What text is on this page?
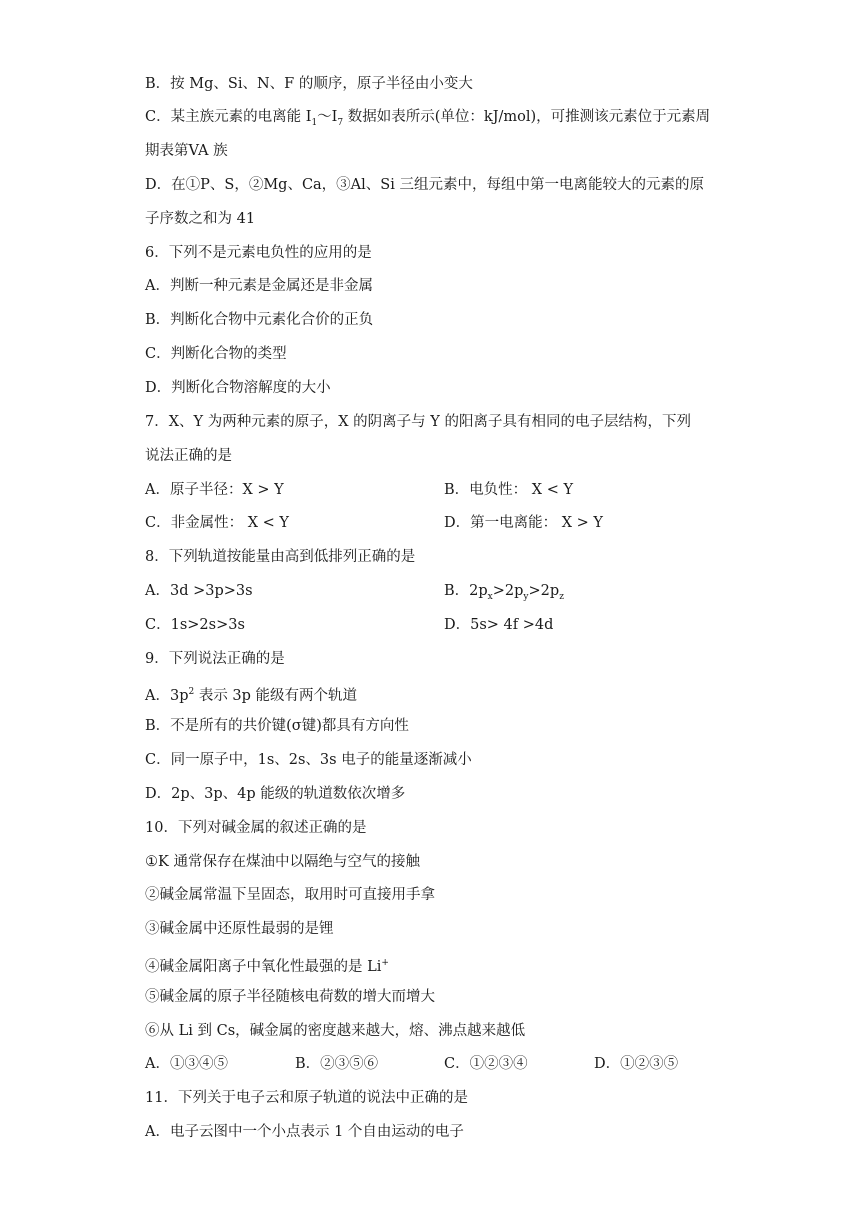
B．按 Mg、Si、N、F 的顺序，原子半径由小变大
C．某主族元素的电离能 $I_1\sim I_7$ 数据如表所示(单位：kJ/mol)，可推测该元素位于元素周
期表第VA 族
D．在①P、S，②Mg、Ca，③Al、Si 三组元素中，每组中第一电离能较大的元素的原
子序数之和为 41
6．下列不是元素电负性的应用的是
A．判断一种元素是金属还是非金属
B．判断化合物中元素化合价的正负
C．判断化合物的类型
D．判断化合物溶解度的大小
7．X、Y 为两种元素的原子，X 的阴离子与 Y 的阳离子具有相同的电子层结构，下列
说法正确的是
A．原子半径：X > Y	B．电负性： X < Y
C．非金属性： X < Y	D．第一电离能： X > Y
8．下列轨道按能量由高到低排列正确的是
A．3d >3p>3s	B．$2p_x>2p_y>2p_z$
C．1s>2s>3s	D．5s> 4f >4d
9．下列说法正确的是
A．$3p^2$ 表示 3p 能级有两个轨道
B．不是所有的共价键(σ键)都具有方向性
C．同一原子中，1s、2s、3s 电子的能量逐渐减小
D．2p、3p、4p 能级的轨道数依次增多
10．下列对碱金属的叙述正确的是
①K 通常保存在煤油中以隔绝与空气的接触
②碱金属常温下呈固态，取用时可直接用手拿
③碱金属中还原性最弱的是锂
④碱金属阳离子中氧化性最强的是 Li+
⑤碱金属的原子半径随核电荷数的增大而增大
⑥从 Li 到 Cs，碱金属的密度越来越大，熔、沸点越来越低
A．①③④⑤	B．②③⑤⑥	C．①②③④	D．①②③⑤
11．下列关于电子云和原子轨道的说法中正确的是
A．电子云图中一个小点表示 1 个自由运动的电子
